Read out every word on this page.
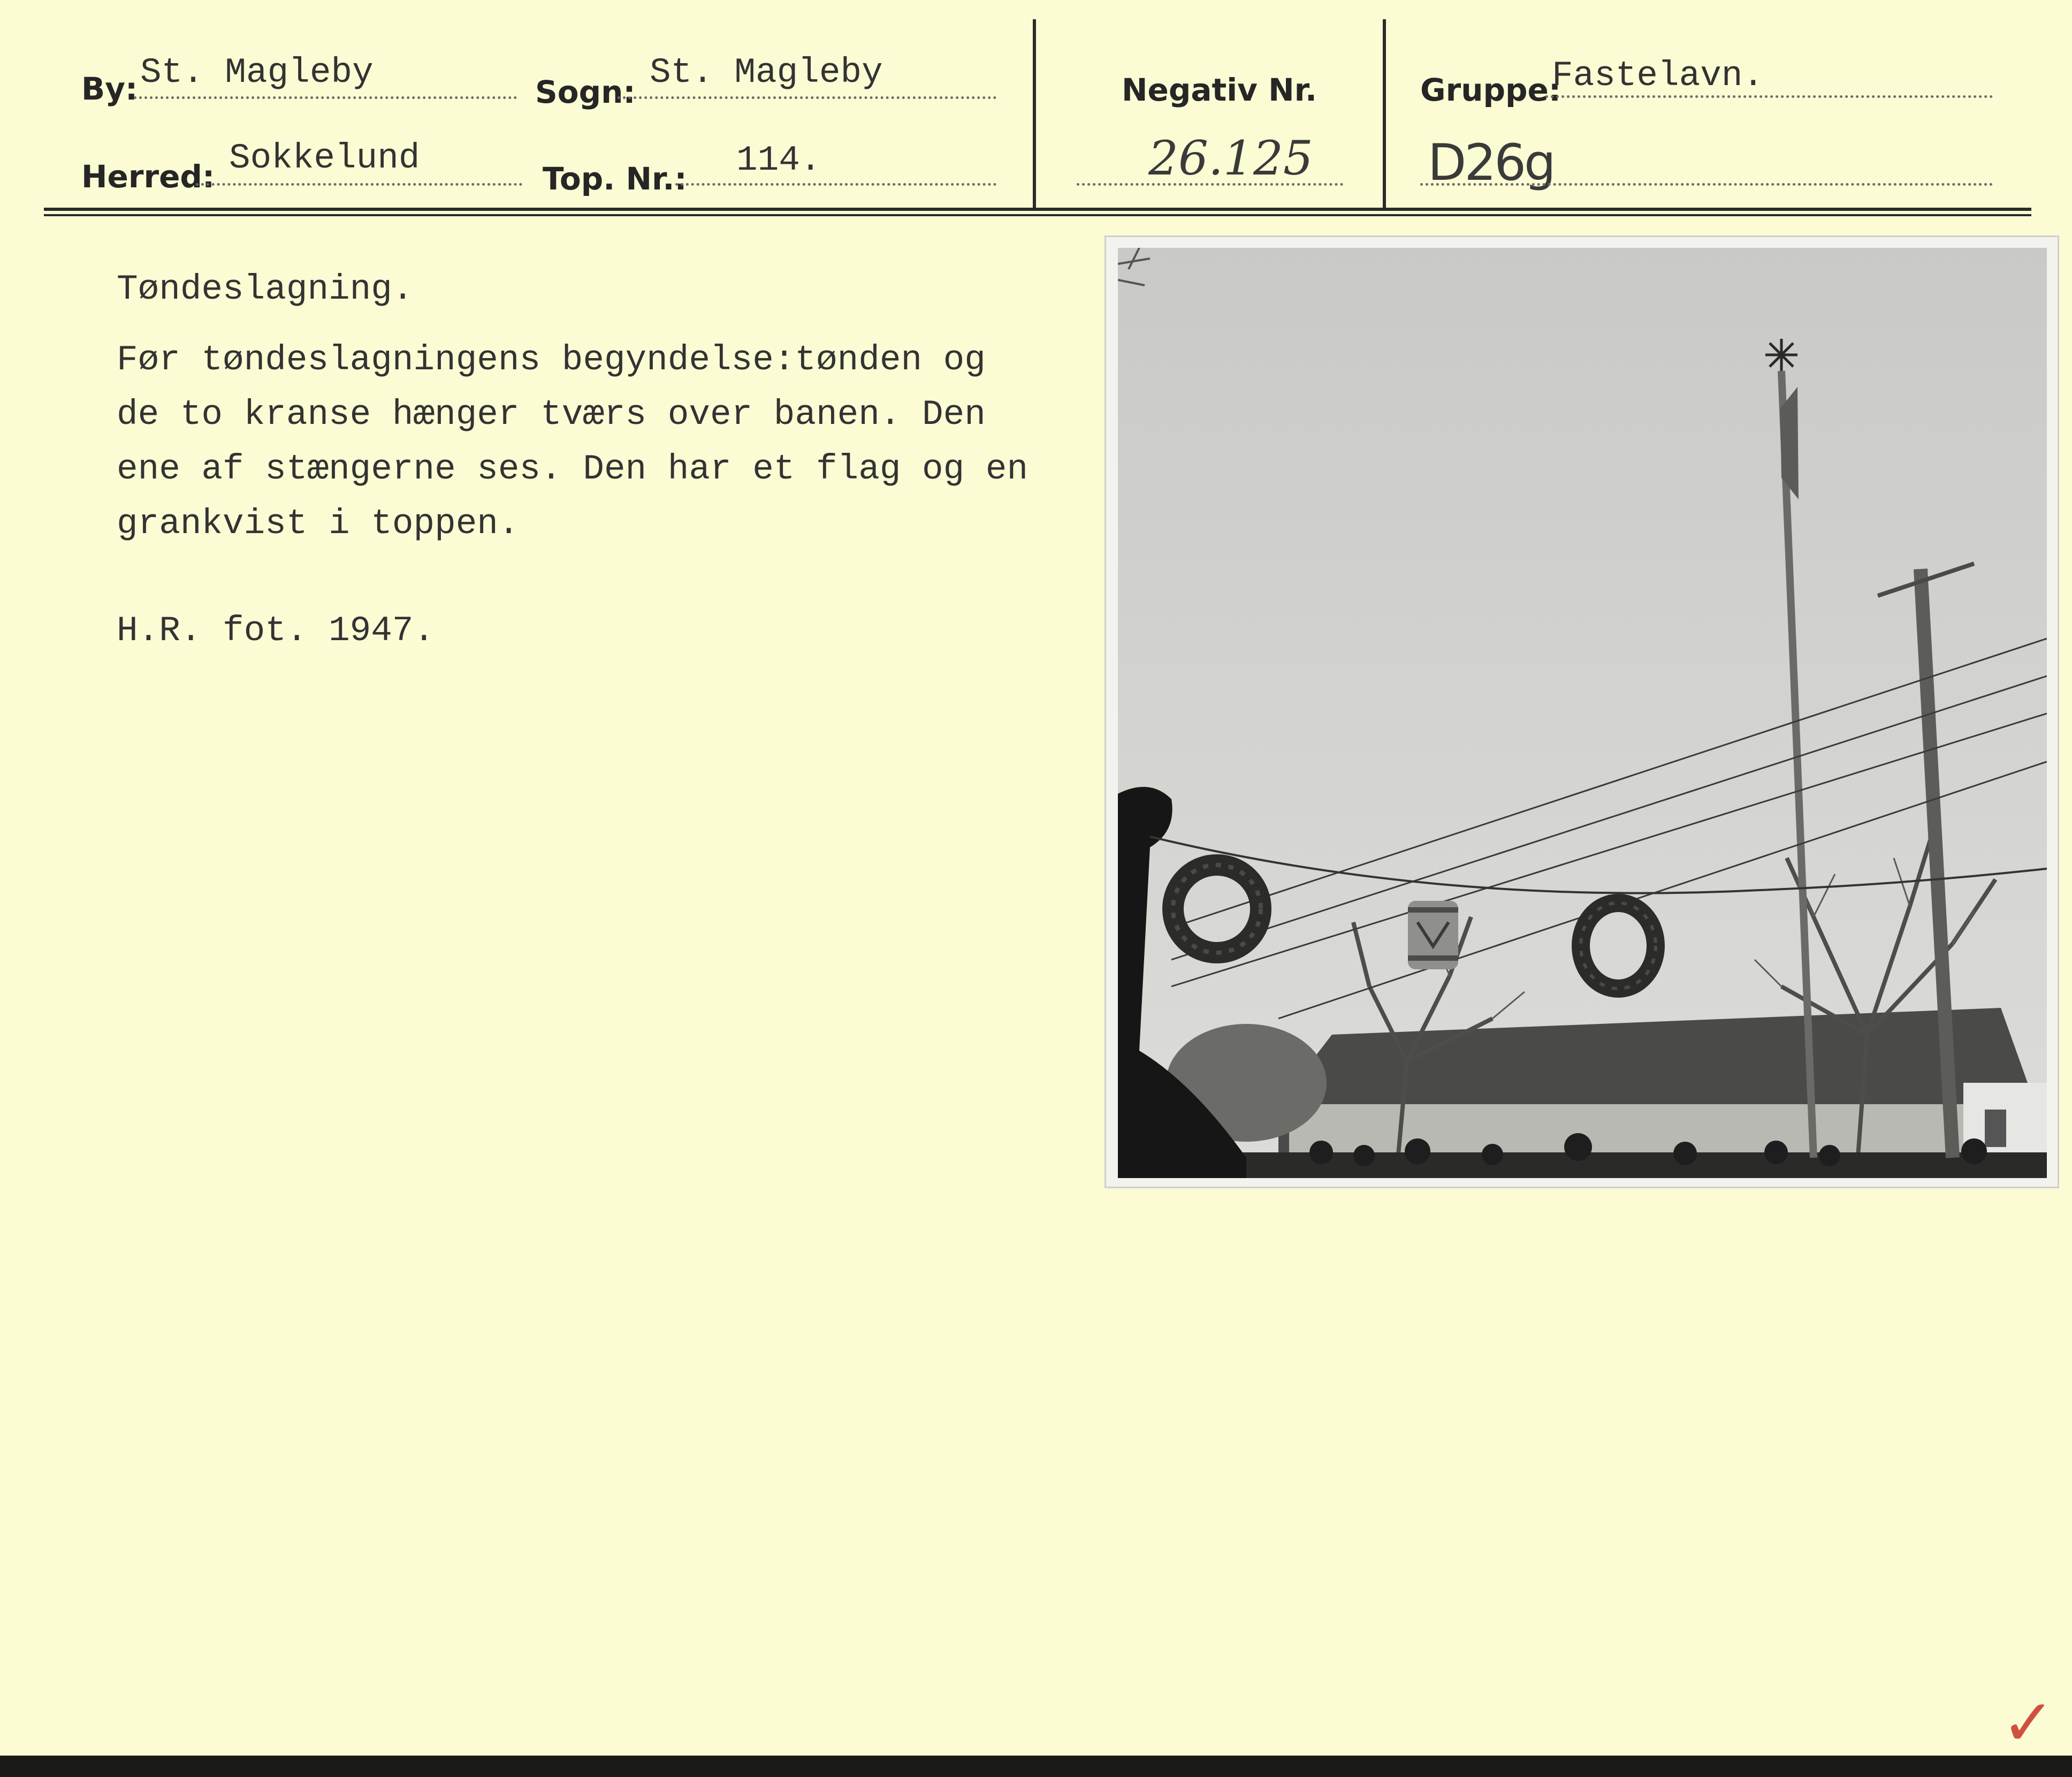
By: St. Magleby	Sogn: St. Magleby
Herred: Sokkelund
Top. Nr.: 114.
Negativ Nr.
26.125
Gruppe:
Fastelavn.
D26g
Tøndeslagning.
Før tøndeslagningens begyndelse:tønden og
de to kranse hænger tværs over banen. Den
ene af stængerne ses. Den har et flag og en
grankvist i toppen.
H.R. fot. 1947.
✓
